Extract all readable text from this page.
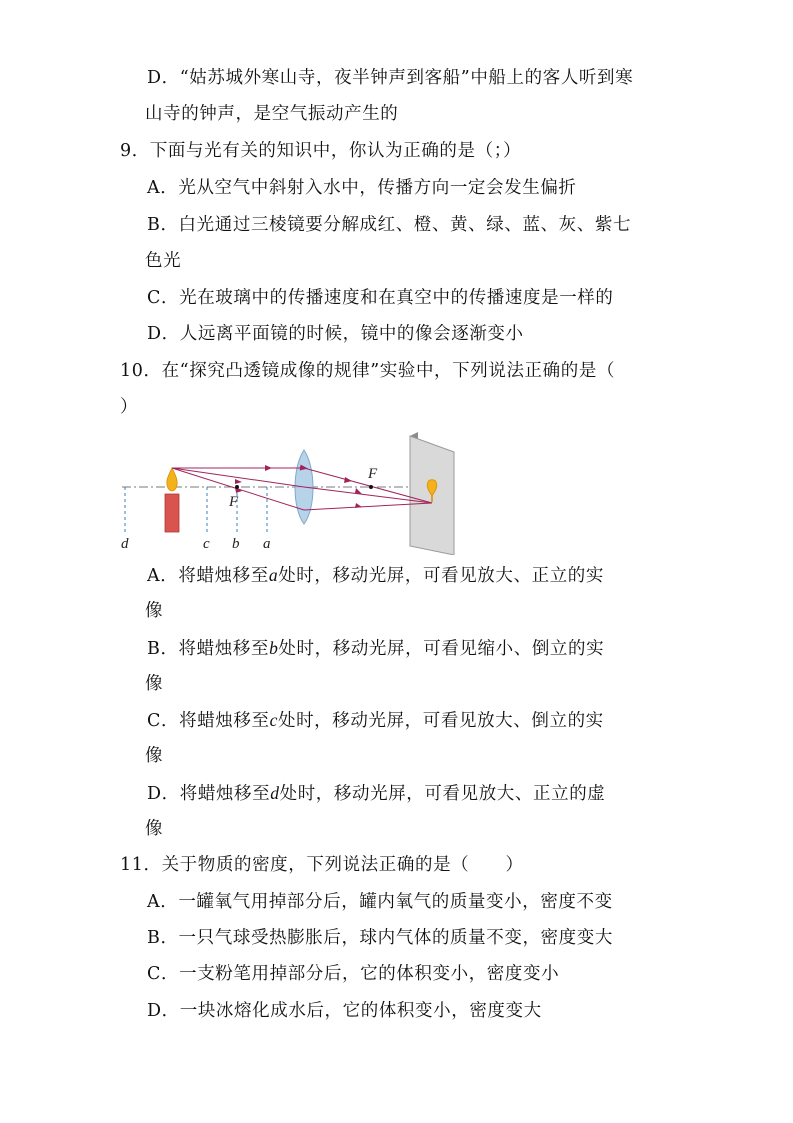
D．“姑苏城外寒山寺，夜半钟声到客船”中船上的客人听到寒
山寺的钟声，是空气振动产生的
9．下面与光有关的知识中，你认为正确的是（；）
A．光从空气中斜射入水中，传播方向一定会发生偏折
B．白光通过三棱镜要分解成红、橙、黄、绿、蓝、灰、紫七
色光
C．光在玻璃中的传播速度和在真空中的传播速度是一样的
D．人远离平面镜的时候，镜中的像会逐渐变小
10．在“探究凸透镜成像的规律”实验中，下列说法正确的是（
）
F
F
d	c b a
A．将蜡烛移至a处时，移动光屏，可看见放大、正立的实
像
B．将蜡烛移至b处时，移动光屏，可看见缩小、倒立的实
像
C．将蜡烛移至c处时，移动光屏，可看见放大、倒立的实
像
D．将蜡烛移至d处时，移动光屏，可看见放大、正立的虚
像
11．关于物质的密度，下列说法正确的是（　　）
A．一罐氧气用掉部分后，罐内氧气的质量变小，密度不变
B．一只气球受热膨胀后，球内气体的质量不变，密度变大
C．一支粉笔用掉部分后，它的体积变小，密度变小
D．一块冰熔化成水后，它的体积变小，密度变大
